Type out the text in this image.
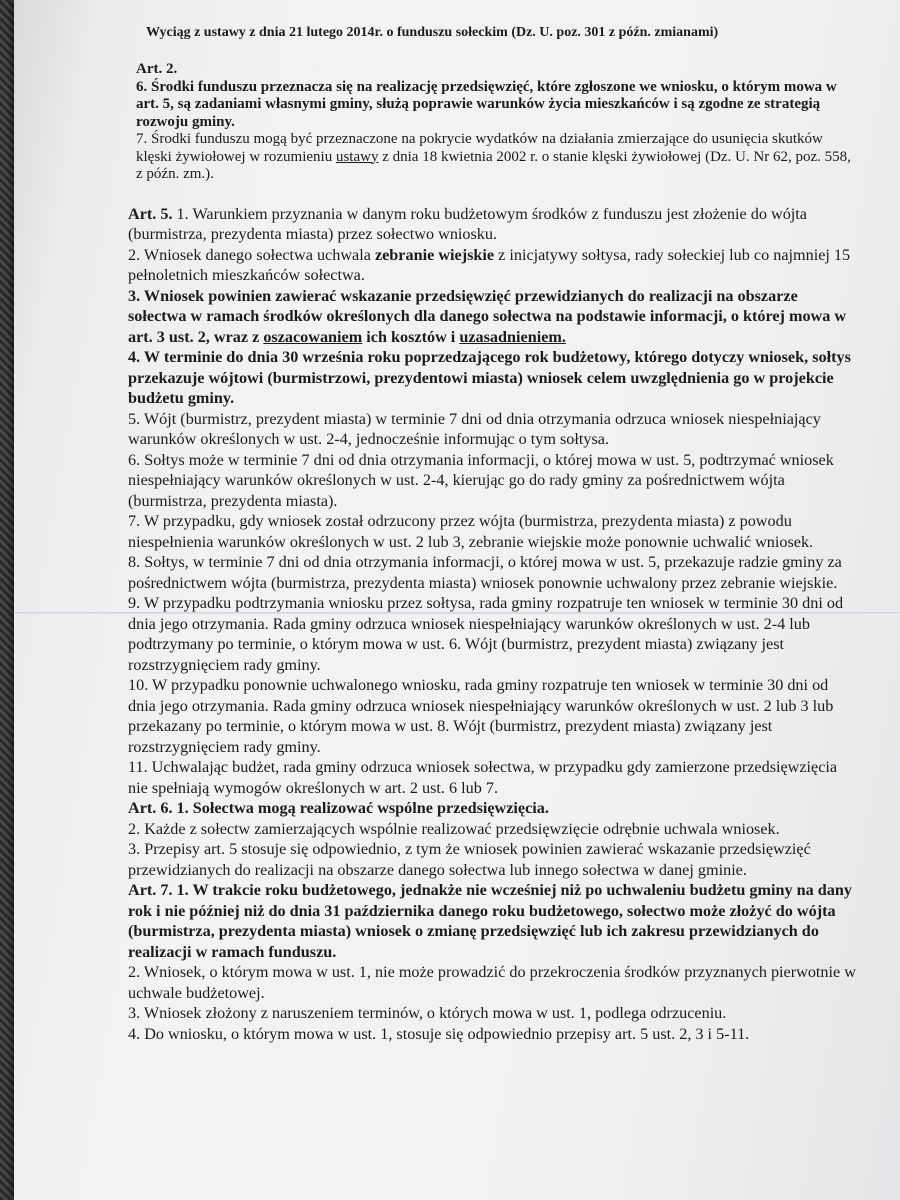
Wyciąg z ustawy z dnia 21 lutego 2014r. o funduszu sołeckim (Dz. U. poz. 301 z późn. zmianami)

Art. 2.

6. Środki funduszu przeznacza się na realizację przedsięwzięć, które zgłoszone we wniosku, o którym mowa w art. 5, są zadaniami własnymi gminy, służą poprawie warunków życia mieszkańców i są zgodne ze strategią rozwoju gminy.

7. Środki funduszu mogą być przeznaczone na pokrycie wydatków na działania zmierzające do usunięcia skutków klęski żywiołowej w rozumieniu ustawy z dnia 18 kwietnia 2002 r. o stanie klęski żywiołowej (Dz. U. Nr 62, poz. 558, z późn. zm.).

Art. 5. 1. Warunkiem przyznania w danym roku budżetowym środków z funduszu jest złożenie do wójta (burmistrza, prezydenta miasta) przez sołectwo wniosku.

2. Wniosek danego sołectwa uchwala zebranie wiejskie z inicjatywy sołtysa, rady sołeckiej lub co najmniej 15 pełnoletnich mieszkańców sołectwa.

3. Wniosek powinien zawierać wskazanie przedsięwzięć przewidzianych do realizacji na obszarze sołectwa w ramach środków określonych dla danego sołectwa na podstawie informacji, o której mowa w art. 3 ust. 2, wraz z oszacowaniem ich kosztów i uzasadnieniem.

4. W terminie do dnia 30 września roku poprzedzającego rok budżetowy, którego dotyczy wniosek, sołtys przekazuje wójtowi (burmistrzowi, prezydentowi miasta) wniosek celem uwzględnienia go w projekcie budżetu gminy.

5. Wójt (burmistrz, prezydent miasta) w terminie 7 dni od dnia otrzymania odrzuca wniosek niespełniający warunków określonych w ust. 2-4, jednocześnie informując o tym sołtysa.

6. Sołtys może w terminie 7 dni od dnia otrzymania informacji, o której mowa w ust. 5, podtrzymać wniosek niespełniający warunków określonych w ust. 2-4, kierując go do rady gminy za pośrednictwem wójta (burmistrza, prezydenta miasta).

7. W przypadku, gdy wniosek został odrzucony przez wójta (burmistrza, prezydenta miasta) z powodu niespełnienia warunków określonych w ust. 2 lub 3, zebranie wiejskie może ponownie uchwalić wniosek.

8. Sołtys, w terminie 7 dni od dnia otrzymania informacji, o której mowa w ust. 5, przekazuje radzie gminy za pośrednictwem wójta (burmistrza, prezydenta miasta) wniosek ponownie uchwalony przez zebranie wiejskie.

9. W przypadku podtrzymania wniosku przez sołtysa, rada gminy rozpatruje ten wniosek w terminie 30 dni od dnia jego otrzymania. Rada gminy odrzuca wniosek niespełniający warunków określonych w ust. 2-4 lub podtrzymany po terminie, o którym mowa w ust. 6. Wójt (burmistrz, prezydent miasta) związany jest rozstrzygnięciem rady gminy.

10. W przypadku ponownie uchwalonego wniosku, rada gminy rozpatruje ten wniosek w terminie 30 dni od dnia jego otrzymania. Rada gminy odrzuca wniosek niespełniający warunków określonych w ust. 2 lub 3 lub przekazany po terminie, o którym mowa w ust. 8. Wójt (burmistrz, prezydent miasta) związany jest rozstrzygnięciem rady gminy.

11. Uchwalając budżet, rada gminy odrzuca wniosek sołectwa, w przypadku gdy zamierzone przedsięwzięcia nie spełniają wymogów określonych w art. 2 ust. 6 lub 7.

Art. 6. 1. Sołectwa mogą realizować wspólne przedsięwzięcia.

2. Każde z sołectw zamierzających wspólnie realizować przedsięwzięcie odrębnie uchwala wniosek.

3. Przepisy art. 5 stosuje się odpowiednio, z tym że wniosek powinien zawierać wskazanie przedsięwzięć przewidzianych do realizacji na obszarze danego sołectwa lub innego sołectwa w danej gminie.

Art. 7. 1. W trakcie roku budżetowego, jednakże nie wcześniej niż po uchwaleniu budżetu gminy na dany rok i nie później niż do dnia 31 października danego roku budżetowego, sołectwo może złożyć do wójta (burmistrza, prezydenta miasta) wniosek o zmianę przedsięwzięć lub ich zakresu przewidzianych do realizacji w ramach funduszu.

2. Wniosek, o którym mowa w ust. 1, nie może prowadzić do przekroczenia środków przyznanych pierwotnie w uchwale budżetowej.

3. Wniosek złożony z naruszeniem terminów, o których mowa w ust. 1, podlega odrzuceniu.

4. Do wniosku, o którym mowa w ust. 1, stosuje się odpowiednio przepisy art. 5 ust. 2, 3 i 5-11.
